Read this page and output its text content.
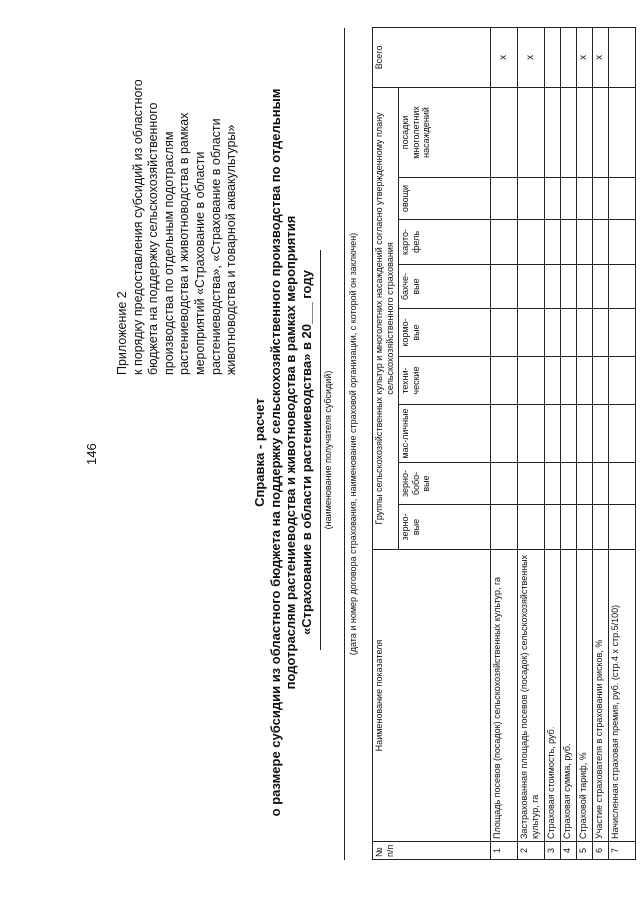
146
Приложение 2 к порядку предоставления субсидий из областного бюджета на поддержку сельскохозяйственного производства по отдельным подотраслям растениеводства и животноводства в рамках мероприятий «Страхование в области растениеводства», «Страхование в области животноводства и товарной аквакультуры»
Справка - расчет о размере субсидии из областного бюджета на поддержку сельскохозяйственного производства по отдельным подотраслям растениеводства и животноводства в рамках мероприятия «Страхование в области растениеводства» в 20___ году (наименование получателя субсидий) (дата и номер договора страхования, наименование страховой организации, с которой он заключен)
№ п/п	Наименование показателя	Группы сельскохозяйственных культур и многолетних насаждений согласно утвержденному плану сельскохозяйственного страхования									Всего
		зерно-вые	зерно-бобо-вые	мас-личные	техни-ческие	кормо-вые	бахче-вые	карто-фель	овощи	посадки многолетних насаждений	
1	Площадь посевов (посадок) сельскохозяйственных культур, га										x
2	Застрахованная площадь посевов (посадок) сельскохозяйственных культур, га										x
3	Страховая стоимость, руб.										
4	Страховая сумма, руб.										
5	Страховой тариф, %										x
6	Участие страхователя в страховании рисков, %										x
7	Начисленная страховая премия, руб. (стр.4 x стр.5/100)										
